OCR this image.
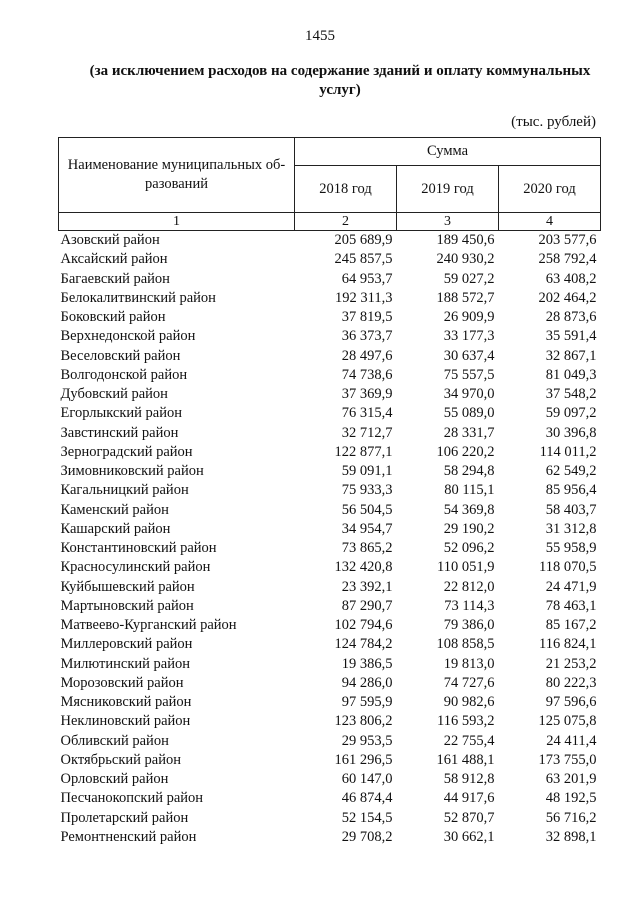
1455
(за исключением расходов на содержание зданий и оплату коммунальных услуг)
(тыс. рублей)
Наименование муниципальных об-разований	Сумма		
	2018 год	2019 год	2020 год
1	2	3	4
Азовский район	205 689,9	189 450,6	203 577,6
Аксайский район	245 857,5	240 930,2	258 792,4
Багаевский район	64 953,7	59 027,2	63 408,2
Белокалитвинский район	192 311,3	188 572,7	202 464,2
Боковский район	37 819,5	26 909,9	28 873,6
Верхнедонской район	36 373,7	33 177,3	35 591,4
Веселовский район	28 497,6	30 637,4	32 867,1
Волгодонской район	74 738,6	75 557,5	81 049,3
Дубовский район	37 369,9	34 970,0	37 548,2
Егорлыкский район	76 315,4	55 089,0	59 097,2
Завстинский район	32 712,7	28 331,7	30 396,8
Зерноградский район	122 877,1	106 220,2	114 011,2
Зимовниковский район	59 091,1	58 294,8	62 549,2
Кагальницкий район	75 933,3	80 115,1	85 956,4
Каменский район	56 504,5	54 369,8	58 403,7
Кашарский район	34 954,7	29 190,2	31 312,8
Константиновский район	73 865,2	52 096,2	55 958,9
Красносулинский район	132 420,8	110 051,9	118 070,5
Куйбышевский район	23 392,1	22 812,0	24 471,9
Мартыновский район	87 290,7	73 114,3	78 463,1
Матвеево-Курганский район	102 794,6	79 386,0	85 167,2
Миллеровский район	124 784,2	108 858,5	116 824,1
Милютинский район	19 386,5	19 813,0	21 253,2
Морозовский район	94 286,0	74 727,6	80 222,3
Мясниковский район	97 595,9	90 982,6	97 596,6
Неклиновский район	123 806,2	116 593,2	125 075,8
Обливский район	29 953,5	22 755,4	24 411,4
Октябрьский район	161 296,5	161 488,1	173 755,0
Орловский район	60 147,0	58 912,8	63 201,9
Песчанокопский район	46 874,4	44 917,6	48 192,5
Пролетарский район	52 154,5	52 870,7	56 716,2
Ремонтненский район	29 708,2	30 662,1	32 898,1
